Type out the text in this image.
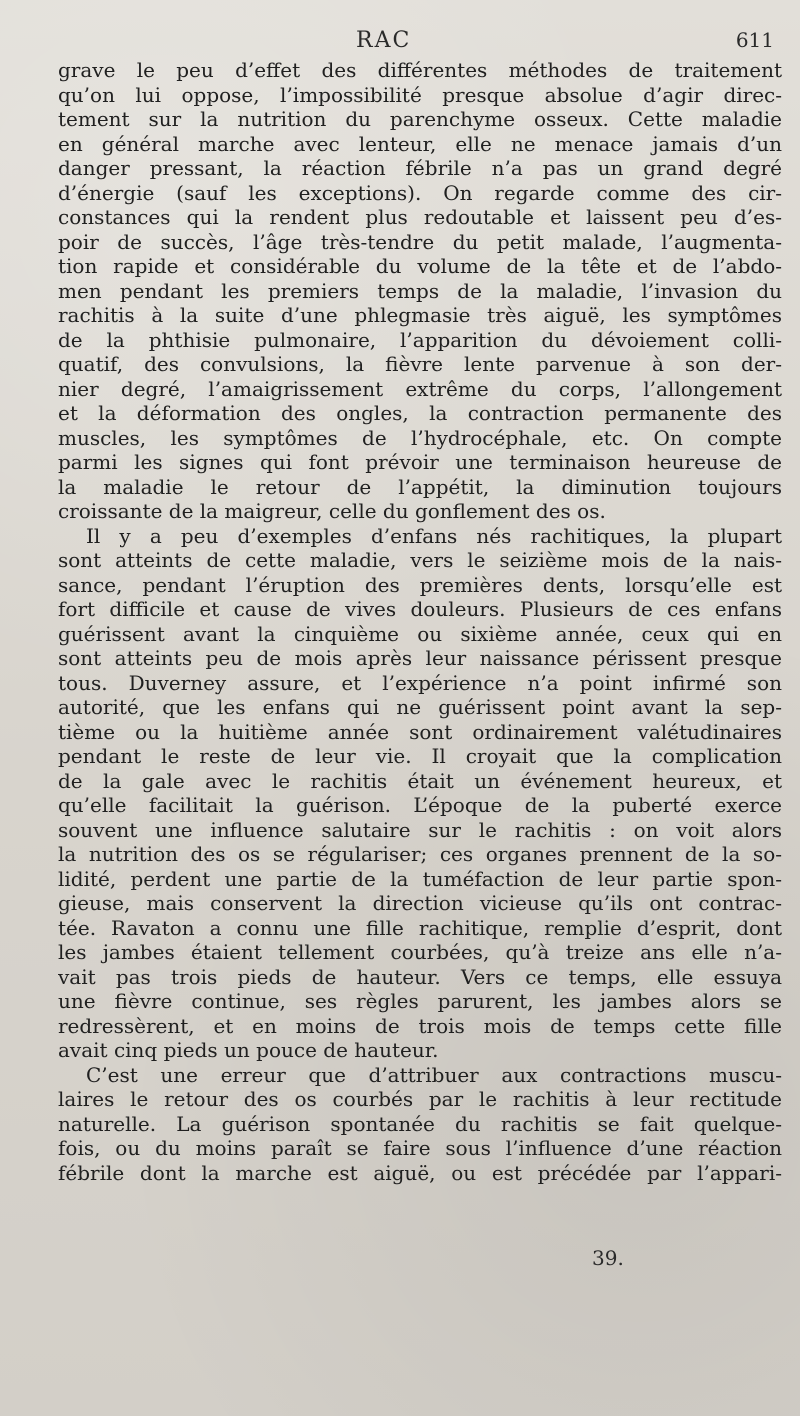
RAC	611
grave le peu d’effet des différentes méthodes de traitement
qu’on lui oppose, l’impossibilité presque absolue d’agir direc-
tement sur la nutrition du parenchyme osseux. Cette maladie
en général marche avec lenteur, elle ne menace jamais d’un
danger pressant, la réaction fébrile n’a pas un grand degré
d’énergie (sauf les exceptions). On regarde comme des cir-
constances qui la rendent plus redoutable et laissent peu d’es-
poir de succès, l’âge très-tendre du petit malade, l’augmenta-
tion rapide et considérable du volume de la tête et de l’abdo-
men pendant les premiers temps de la maladie, l’invasion du
rachitis à la suite d’une phlegmasie très aiguë, les symptômes
de la phthisie pulmonaire, l’apparition du dévoiement colli-
quatif, des convulsions, la fièvre lente parvenue à son der-
nier degré, l’amaigrissement extrême du corps, l’allongement
et la déformation des ongles, la contraction permanente des
muscles, les symptômes de l’hydrocéphale, etc. On compte
parmi les signes qui font prévoir une terminaison heureuse de
la maladie le retour de l’appétit, la diminution toujours
croissante de la maigreur, celle du gonflement des os.
Il y a peu d’exemples d’enfans nés rachitiques, la plupart
sont atteints de cette maladie, vers le seizième mois de la nais-
sance, pendant l’éruption des premières dents, lorsqu’elle est
fort difficile et cause de vives douleurs. Plusieurs de ces enfans
guérissent avant la cinquième ou sixième année, ceux qui en
sont atteints peu de mois après leur naissance périssent presque
tous. Duverney assure, et l’expérience n’a point infirmé son
autorité, que les enfans qui ne guérissent point avant la sep-
tième ou la huitième année sont ordinairement valétudinaires
pendant le reste de leur vie. Il croyait que la complication
de la gale avec le rachitis était un événement heureux, et
qu’elle facilitait la guérison. L’époque de la puberté exerce
souvent une influence salutaire sur le rachitis : on voit alors
la nutrition des os se régulariser; ces organes prennent de la so-
lidité, perdent une partie de la tuméfaction de leur partie spon-
gieuse, mais conservent la direction vicieuse qu’ils ont contrac-
tée. Ravaton a connu une fille rachitique, remplie d’esprit, dont
les jambes étaient tellement courbées, qu’à treize ans elle n’a-
vait pas trois pieds de hauteur. Vers ce temps, elle essuya
une fièvre continue, ses règles parurent, les jambes alors se
redressèrent, et en moins de trois mois de temps cette fille
avait cinq pieds un pouce de hauteur.
C’est une erreur que d’attribuer aux contractions muscu-
laires le retour des os courbés par le rachitis à leur rectitude
naturelle. La guérison spontanée du rachitis se fait quelque-
fois, ou du moins paraît se faire sous l’influence d’une réaction
fébrile dont la marche est aiguë, ou est précédée par l’appari-
39.
